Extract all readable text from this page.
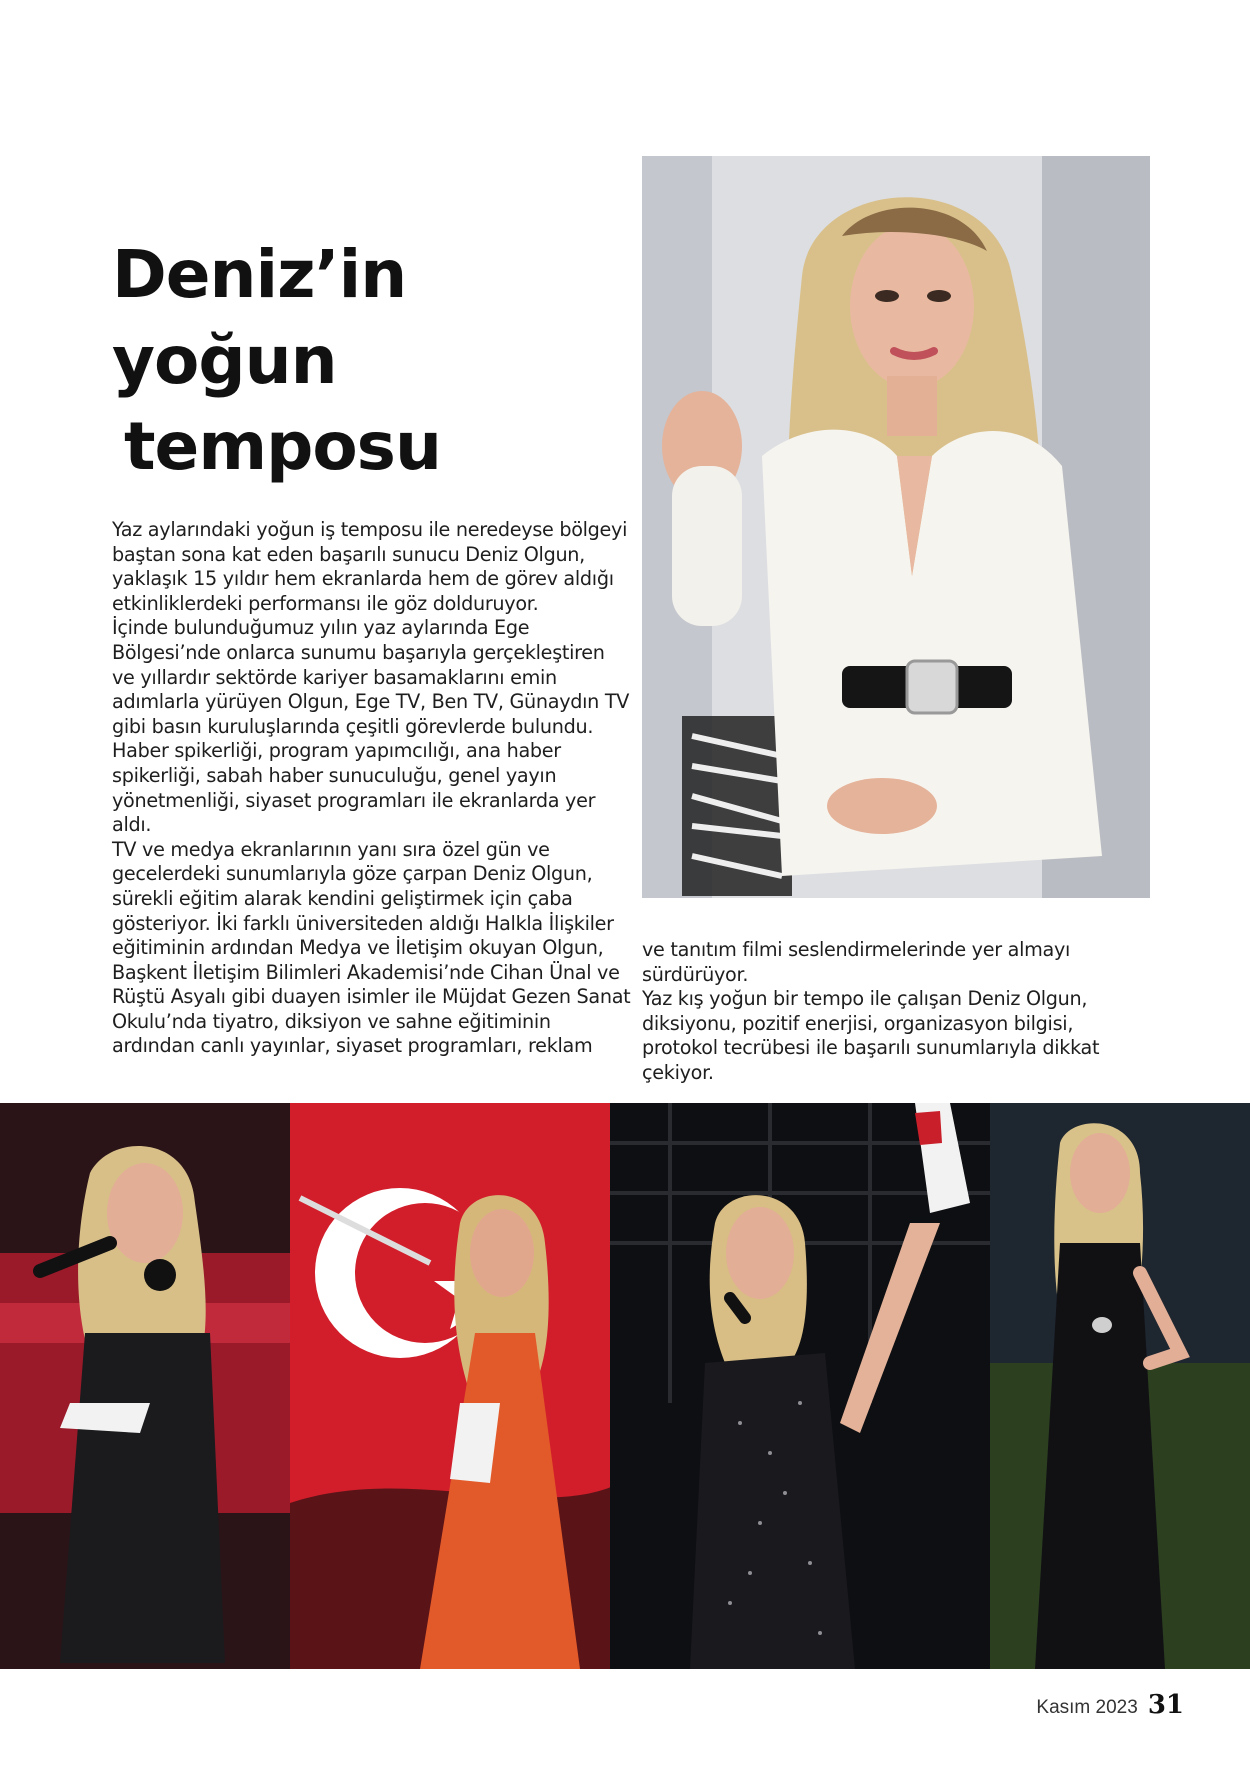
Deniz’in
yoğun
temposu

Yaz aylarındaki yoğun iş temposu ile neredeyse bölgeyi baştan sona kat eden başarılı sunucu Deniz Olgun, yaklaşık 15 yıldır hem ekranlarda hem de görev aldığı etkinliklerdeki performansı ile göz dolduruyor.

İçinde bulunduğumuz yılın yaz aylarında Ege Bölgesi’nde onlarca sunumu başarıyla gerçekleştiren ve yıllardır sektörde kariyer basamaklarını emin adımlarla yürüyen Olgun, Ege TV, Ben TV, Günaydın TV gibi basın kuruluşlarında çeşitli görevlerde bulundu. Haber spikerliği, program yapımcılığı, ana haber spikerliği, sabah haber sunuculuğu, genel yayın yönetmenliği, siyaset programları ile ekranlarda yer aldı.

TV ve medya ekranlarının yanı sıra özel gün ve gecelerdeki sunumlarıyla göze çarpan Deniz Olgun, sürekli eğitim alarak kendini geliştirmek için çaba gösteriyor. İki farklı üniversiteden aldığı Halkla İlişkiler eğitiminin ardından Medya ve İletişim okuyan Olgun, Başkent İletişim Bilimleri Akademisi’nde Cihan Ünal ve Rüştü Asyalı gibi duayen isimler ile Müjdat Gezen Sanat Okulu’nda tiyatro, diksiyon ve sahne eğitiminin ardından canlı yayınlar, siyaset programları, reklam

ve tanıtım filmi seslendirmelerinde yer almayı sürdürüyor.

Yaz kış yoğun bir tempo ile çalışan Deniz Olgun, diksiyonu, pozitif enerjisi, organizasyon bilgisi, protokol tecrübesi ile başarılı sunumlarıyla dikkat çekiyor.

Kasım 2023 31
